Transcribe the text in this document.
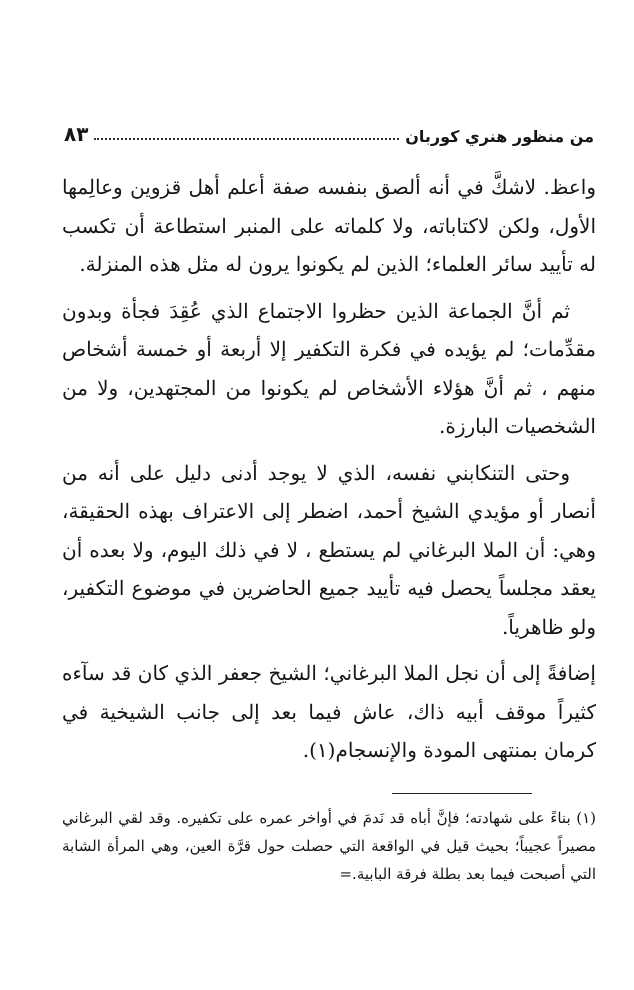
من منظور هنري كوربان
٨٣

واعظ. لاشكَّ في أنه ألصق بنفسه صفة أعلم أهل قزوين وعالِمها الأول، ولكن لاكتاباته، ولا كلماته على المنبر استطاعة أن تكسب له تأييد سائر العلماء؛ الذين لم يكونوا يرون له مثل هذه المنزلة.

ثم أنَّ الجماعة الذين حظروا الاجتماع الذي عُقِدَ فجأة وبدون مقدِّمات؛ لم يؤيده في فكرة التكفير إلا أربعة أو خمسة أشخاص منهم ، ثم أنَّ هؤلاء الأشخاص لم يكونوا من المجتهدين، ولا من الشخصيات البارزة.

وحتى التنكابني نفسه، الذي لا يوجد أدنى دليل على أنه من أنصار أو مؤيدي الشيخ أحمد، اضطر إلى الاعتراف بهذه الحقيقة، وهي: أن الملا البرغاني لم يستطع ، لا في ذلك اليوم، ولا بعده أن يعقد مجلساً يحصل فيه تأييد جميع الحاضرين في موضوع التكفير، ولو ظاهرياً.

إضافةً إلى أن نجل الملا البرغاني؛ الشيخ جعفر الذي كان قد سآءه كثيراً موقف أبيه ذاك، عاش فيما بعد إلى جانب الشيخية في كرمان بمنتهى المودة والإنسجام(١).

(١) بناءً على شهادته؛ فإنَّ أباه قد نَدمَ في أواخر عمره على تكفيره. وقد لقي البرغاني مصيراً عجيباً؛ بحيث قيل في الواقعة التي حصلت حول قرَّة العين، وهي المرأة الشابة التي أصبحت فيما بعد بطلة فرقة البابية.=
